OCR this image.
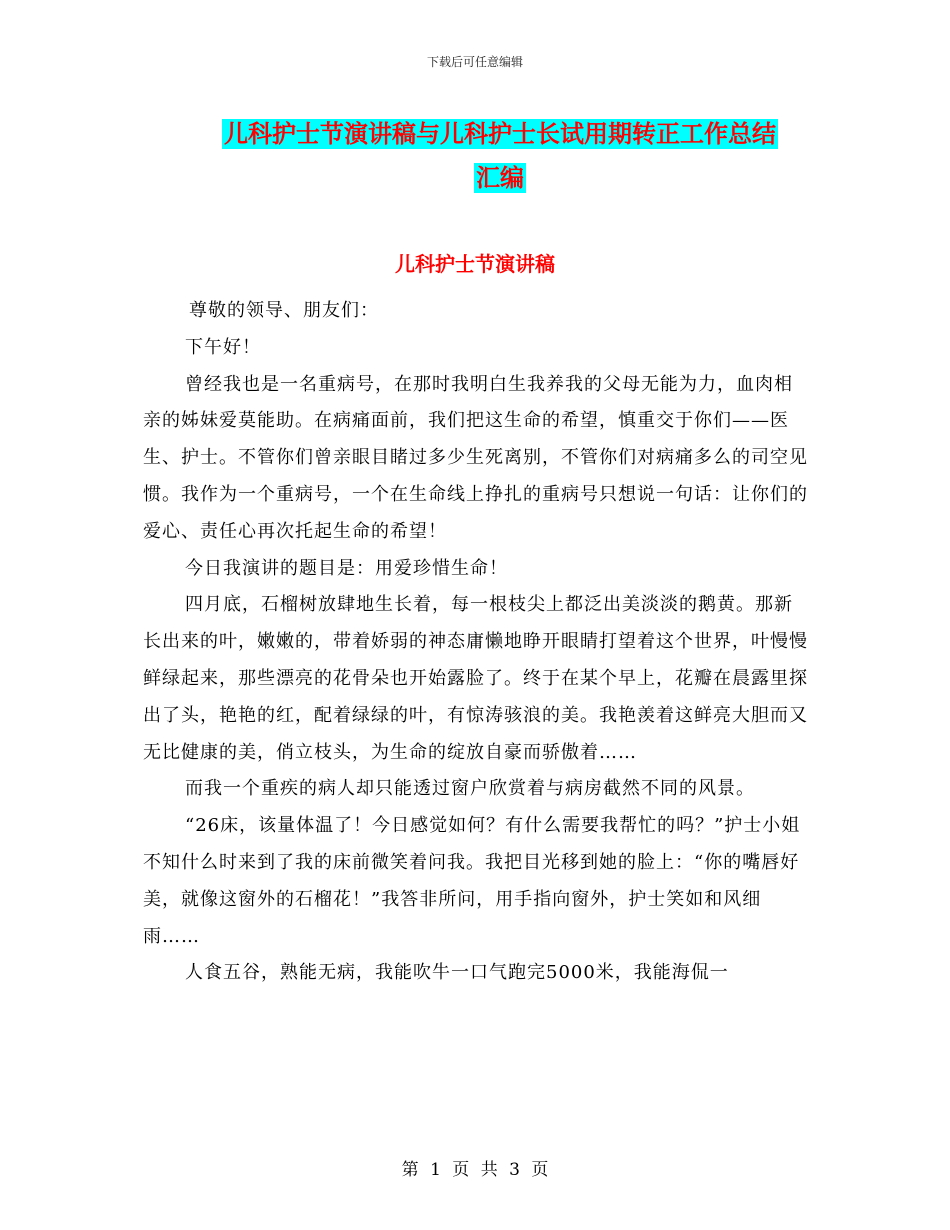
下载后可任意编辑
儿科护士节演讲稿与儿科护士长试用期转正工作总结
汇编
儿科护士节演讲稿

尊敬的领导、朋友们：

下午好！

曾经我也是一名重病号，在那时我明白生我养我的父母无能为力，血肉相亲的姊妹爱莫能助。在病痛面前，我们把这生命的希望，慎重交于你们——医生、护士。不管你们曾亲眼目睹过多少生死离别，不管你们对病痛多么的司空见惯。我作为一个重病号，一个在生命线上挣扎的重病号只想说一句话：让你们的爱心、责任心再次托起生命的希望！

今日我演讲的题目是：用爱珍惜生命！

四月底，石榴树放肆地生长着，每一根枝尖上都泛出美淡淡的鹅黄。那新长出来的叶，嫩嫩的，带着娇弱的神态庸懒地睁开眼睛打望着这个世界，叶慢慢鲜绿起来，那些漂亮的花骨朵也开始露脸了。终于在某个早上，花瓣在晨露里探出了头，艳艳的红，配着绿绿的叶，有惊涛骇浪的美。我艳羡着这鲜亮大胆而又无比健康的美，俏立枝头，为生命的绽放自豪而骄傲着……

而我一个重疾的病人却只能透过窗户欣赏着与病房截然不同的风景。

“26床，该量体温了！今日感觉如何？有什么需要我帮忙的吗？”护士小姐不知什么时来到了我的床前微笑着问我。我把目光移到她的脸上：“你的嘴唇好美，就像这窗外的石榴花！”我答非所问，用手指向窗外，护士笑如和风细雨……

人食五谷，熟能无病，我能吹牛一口气跑完5000米，我能海侃一

第 1 页 共 3 页
